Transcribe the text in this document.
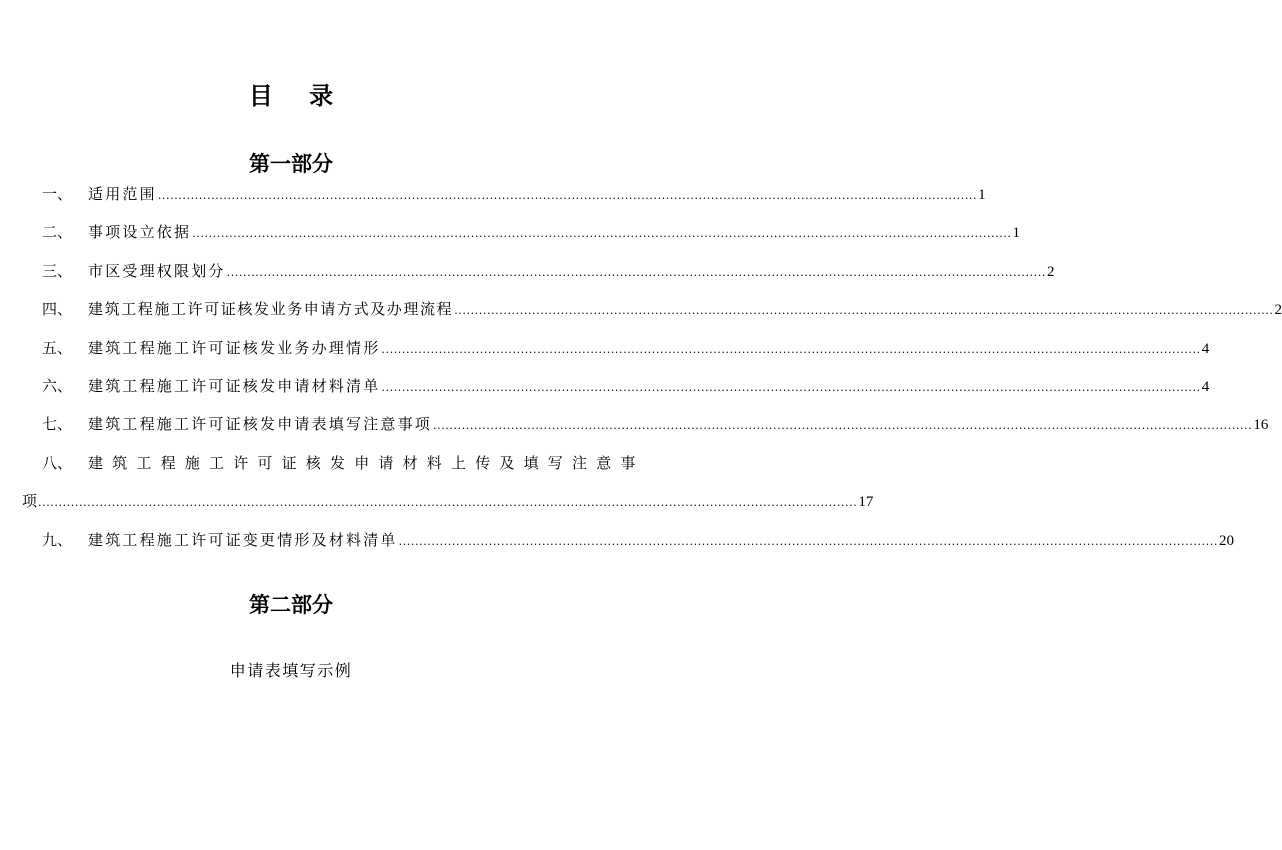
目 录
第一部分
一、	适用范围 ........................................................................................................................................................................................................ 1
二、	事项设立依据 ........................................................................................................................................................................................................ 1
三、	市区受理权限划分 ........................................................................................................................................................................................................ 2
四、	建筑工程施工许可证核发业务申请方式及办理流程 ........................................................................................................................................................................................................ 2
五、	建筑工程施工许可证核发业务办理情形 ........................................................................................................................................................................................................ 4
六、	建筑工程施工许可证核发申请材料清单 ........................................................................................................................................................................................................ 4
七、	建筑工程施工许可证核发申请表填写注意事项 ........................................................................................................................................................................................................ 16
八、	建筑工程施工许可证核发申请材料上传及填写注意事
项 ........................................................................................................................................................................................................ 17
九、	建筑工程施工许可证变更情形及材料清单 ........................................................................................................................................................................................................ 20
第二部分
申请表填写示例
